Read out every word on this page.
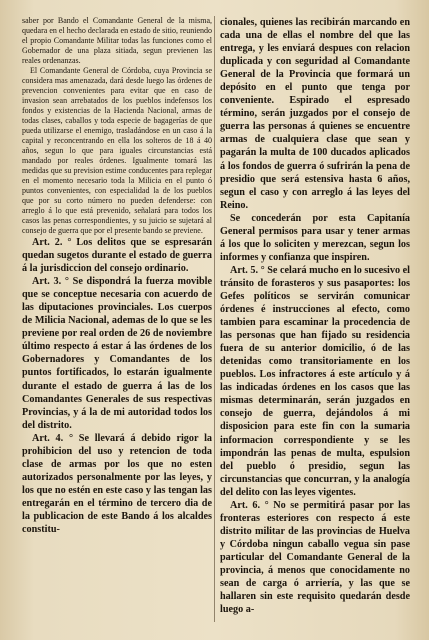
saber por Bando el Comandante General de la misma, quedara en el hecho declarada en estado de sitio, reuniendo el propio Comandante Militar todas las funciones como el Gobernador de una plaza sitiada, segun previenen las reales ordenanzas.

El Comandante General de Córdoba, cuya Provincia se considera mas amenazada, dará desde luego las órdenes de prevencion convenientes para evitar que en caso de invasion sean arrebatados de los pueblos indefensos los fondos y existencias de la Hacienda Nacional, armas de todas clases, caballos y toda especie de bagagerías de que pueda utilizarse el enemigo, trasladándose en un caso á la capital y reconcentrando en ella los solteros de 18 á 40 años, segun lo que para iguales circunstancias está mandado por reales órdenes. Igualmente tomará las medidas que su prevision estime conducentes para replegar en el momento necesario toda la Milicia en el punto ó puntos convenientes, con especialidad la de los pueblos que por su corto número no pueden defenderse: con arreglo á lo que está prevenido, señalará para todos los casos las penas correspondientes, y su juicio se sujetará al consejo de guerra que por el presente bando se previene.

Art. 2. ° Los delitos que se espresarán quedan sugetos durante el estado de guerra á la jurisdiccion del consejo ordinario.

Art. 3. ° Se dispondrá la fuerza movible que se conceptue necesaria con acuerdo de las diputaciones provinciales. Los cuerpos de Milicia Nacional, ademas de lo que se les previene por real orden de 26 de noviembre último respecto á estar á las órdenes de los Gobernadores y Comandantes de los puntos fortificados, lo estarán igualmente durante el estado de guerra á las de los Comandantes Generales de sus respectivas Provincias, y á la de mi autoridad todos los del distrito.

Art. 4. ° Se llevará á debido rigor la prohibicion del uso y retencion de toda clase de armas por los que no esten autorizados personalmente por las leyes, y los que no estén en este caso y las tengan las entregarán en el término de tercero dia de la publicacion de este Bando á los alcaldes constitu-

cionales, quienes las recibirán marcando en cada una de ellas el nombre del que las entrega, y les enviará despues con relacion duplicada y con seguridad al Comandante General de la Provincia que formará un depósito en el punto que tenga por conveniente. Espirado el espresado término, serán juzgados por el consejo de guerra las personas á quienes se encuentre armas de cualquiera clase que sean y pagarán la multa de 100 ducados aplicados á los fondos de guerra ó sufrirán la pena de presidio que será estensiva hasta 6 años, segun el caso y con arreglo á las leyes del Reino.

Se concederán por esta Capitanía General permisos para usar y tener armas á los que lo soliciten y merezcan, segun los informes y confianza que inspiren.

Art. 5. ° Se celará mucho en lo sucesivo el tránsito de forasteros y sus pasaportes: los Gefes políticos se servirán comunicar órdenes é instrucciones al efecto, como tambien para escaminar la procedencia de las personas que han fijado su residencia fuera de su anterior domicilio, ó de las detenidas como transitoriamente en los pueblos. Los infractores á este artículo y á las indicadas órdenes en los casos que las mismas determinarán, serán juzgados en consejo de guerra, dejándolos á mi disposicion para este fin con la sumaria informacion correspondiente y se les impondrán las penas de multa, espulsion del pueblo ó presidio, segun las circunstancias que concurran, y la analogía del delito con las leyes vigentes.

Art. 6. ° No se permitirá pasar por las fronteras esteriores con respecto á este distrito militar de las provincias de Huelva y Córdoba ningun caballo vegua sin pase particular del Comandante General de la provincia, á menos que conocidamente no sean de carga ó arriería, y las que se hallaren sin este requisito quedarán desde luego a-
